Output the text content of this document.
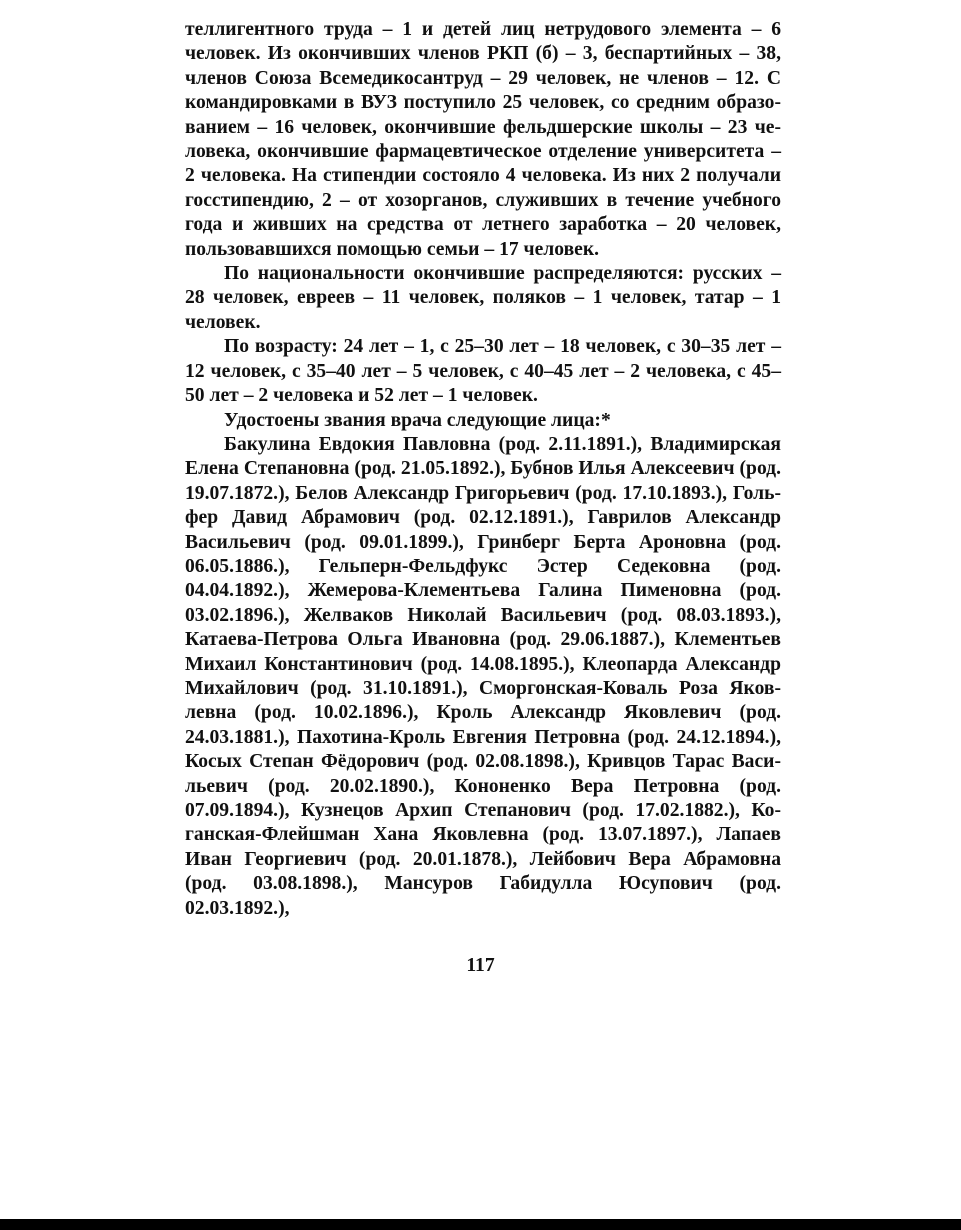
теллигентного труда – 1 и детей лиц нетрудового элемента – 6 человек. Из окончивших членов РКП (б) – 3, беспартийных – 38, членов Союза Всемедикосантруд – 29 человек, не членов – 12. С командировками в ВУЗ поступило 25 человек, со средним образованием – 16 человек, окончившие фельдшерские школы – 23 человека, окончившие фармацевтическое отделение университета – 2 человека. На стипендии состояло 4 человека. Из них 2 получали госстипендию, 2 – от хозорганов, служивших в течение учебного года и живших на средства от летнего заработка – 20 человек, пользовавшихся помощью семьи – 17 человек.

По национальности окончившие распределяются: русских – 28 человек, евреев – 11 человек, поляков – 1 человек, татар – 1 человек.

По возрасту: 24 лет – 1, с 25–30 лет – 18 человек, с 30–35 лет – 12 человек, с 35–40 лет – 5 человек, с 40–45 лет – 2 человека, с 45–50 лет – 2 человека и 52 лет – 1 человек.

Удостоены звания врача следующие лица:*

Бакулина Евдокия Павловна (род. 2.11.1891.), Владимирская Елена Степановна (род. 21.05.1892.), Бубнов Илья Алексеевич (род. 19.07.1872.), Белов Александр Григорьевич (род. 17.10.1893.), Гольфер Давид Абрамович (род. 02.12.1891.), Гаврилов Александр Васильевич (род. 09.01.1899.), Гринберг Берта Ароновна (род. 06.05.1886.), Гельперн-Фельдфукс Эстер Седековна (род. 04.04.1892.), Жемерова-Клементьева Галина Пименовна (род. 03.02.1896.), Желваков Николай Васильевич (род. 08.03.1893.), Катаева-Петрова Ольга Ивановна (род. 29.06.1887.), Клементьев Михаил Константинович (род. 14.08.1895.), Клеопарда Александр Михайлович (род. 31.10.1891.), Сморгонская-Коваль Роза Яковлевна (род. 10.02.1896.), Кроль Александр Яковлевич (род. 24.03.1881.), Пахотина-Кроль Евгения Петровна (род. 24.12.1894.), Косых Степан Фёдорович (род. 02.08.1898.), Кривцов Тарас Васильевич (род. 20.02.1890.), Кононенко Вера Петровна (род. 07.09.1894.), Кузнецов Архип Степанович (род. 17.02.1882.), Коганская-Флейшман Хана Яковлевна (род. 13.07.1897.), Лапаев Иван Георгиевич (род. 20.01.1878.), Лейбович Вера Абрамовна (род. 03.08.1898.), Мансуров Габидулла Юсупович (род. 02.03.1892.),

117
